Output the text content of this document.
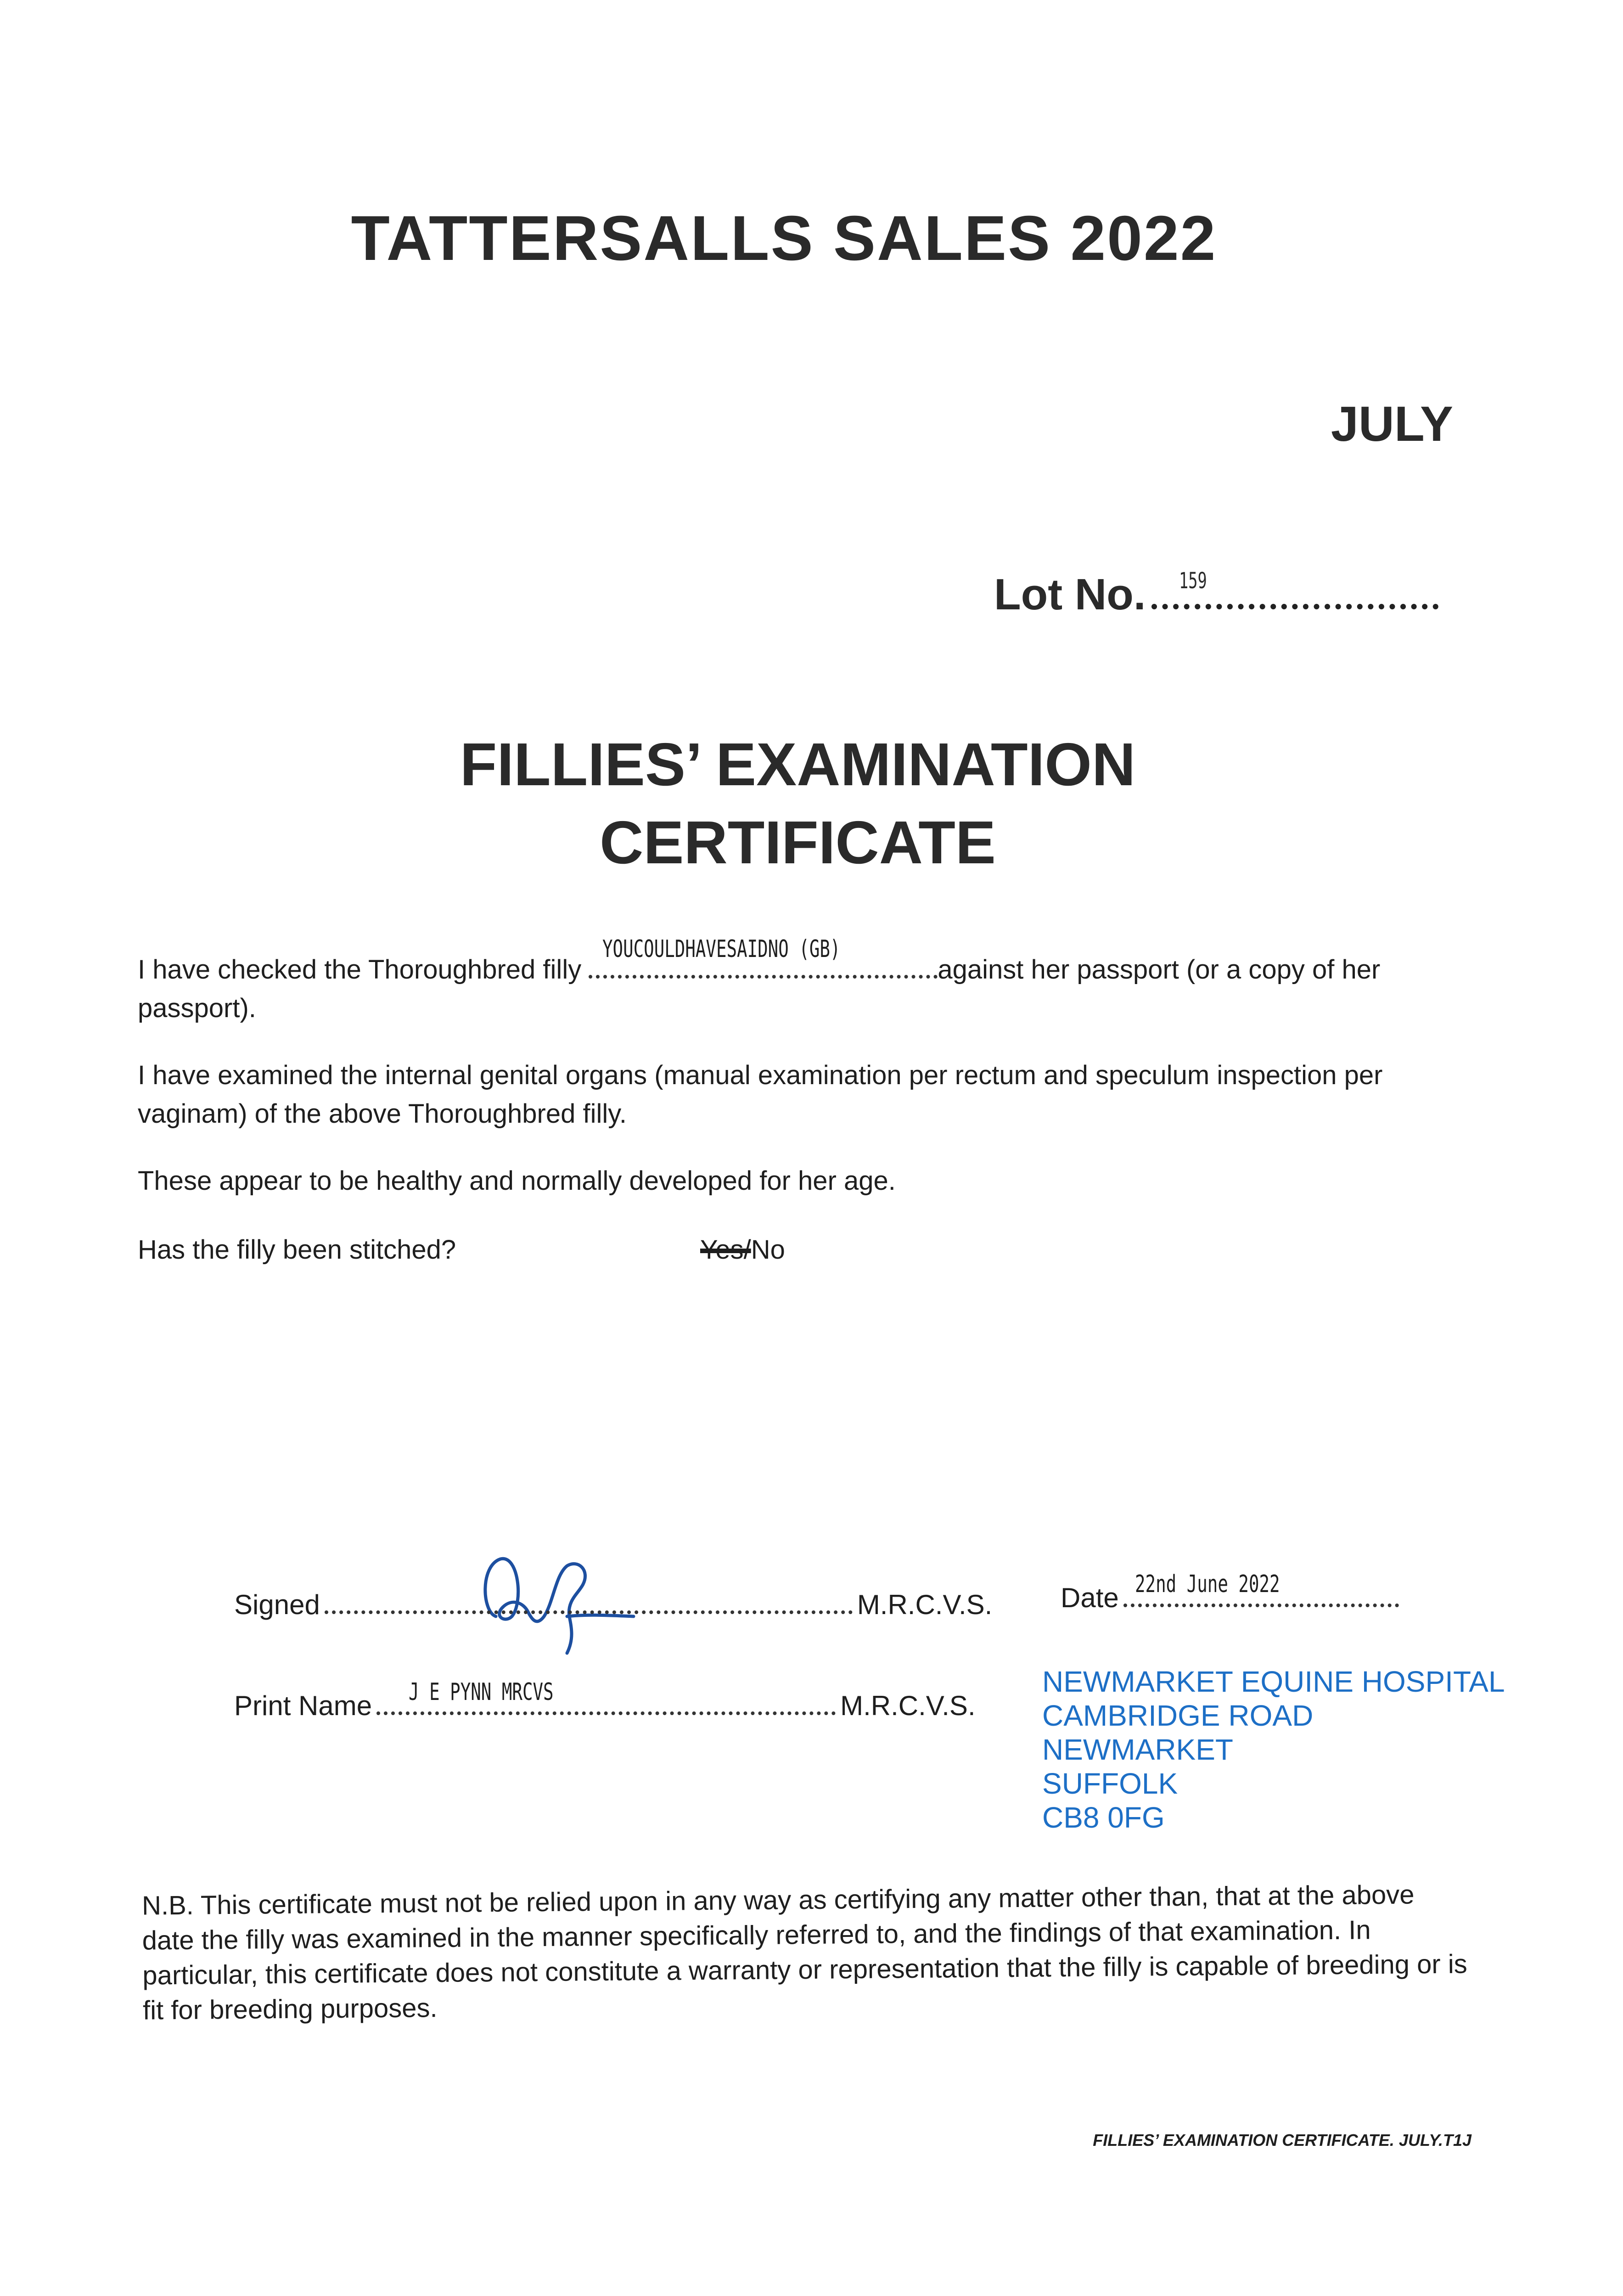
TATTERSALLS SALES 2022
JULY
Lot No. 159
FILLIES’ EXAMINATION
CERTIFICATE

I have checked the Thoroughbred filly
YOUCOULDHAVESAIDNO (GB)
against her passport (or a copy of her passport).

I have examined the internal genital organs (manual examination per rectum and speculum inspection per vaginam) of the above Thoroughbred filly.

These appear to be healthy and normally developed for her age.

Has the filly been stitched?	Yes/No
Signed	M.R.C.V.S. Date 22nd June 2022
Print Name J E PYNN MRCVS	M.R.C.V.S.
NEWMARKET EQUINE HOSPITAL
CAMBRIDGE ROAD
NEWMARKET
SUFFOLK
CB8 0FG

N.B. This certificate must not be relied upon in any way as certifying any matter other than, that at the above date the filly was examined in the manner specifically referred to, and the findings of that examination. In particular, this certificate does not constitute a warranty or representation that the filly is capable of breeding or is fit for breeding purposes.

FILLIES’ EXAMINATION CERTIFICATE. JULY.T1J
